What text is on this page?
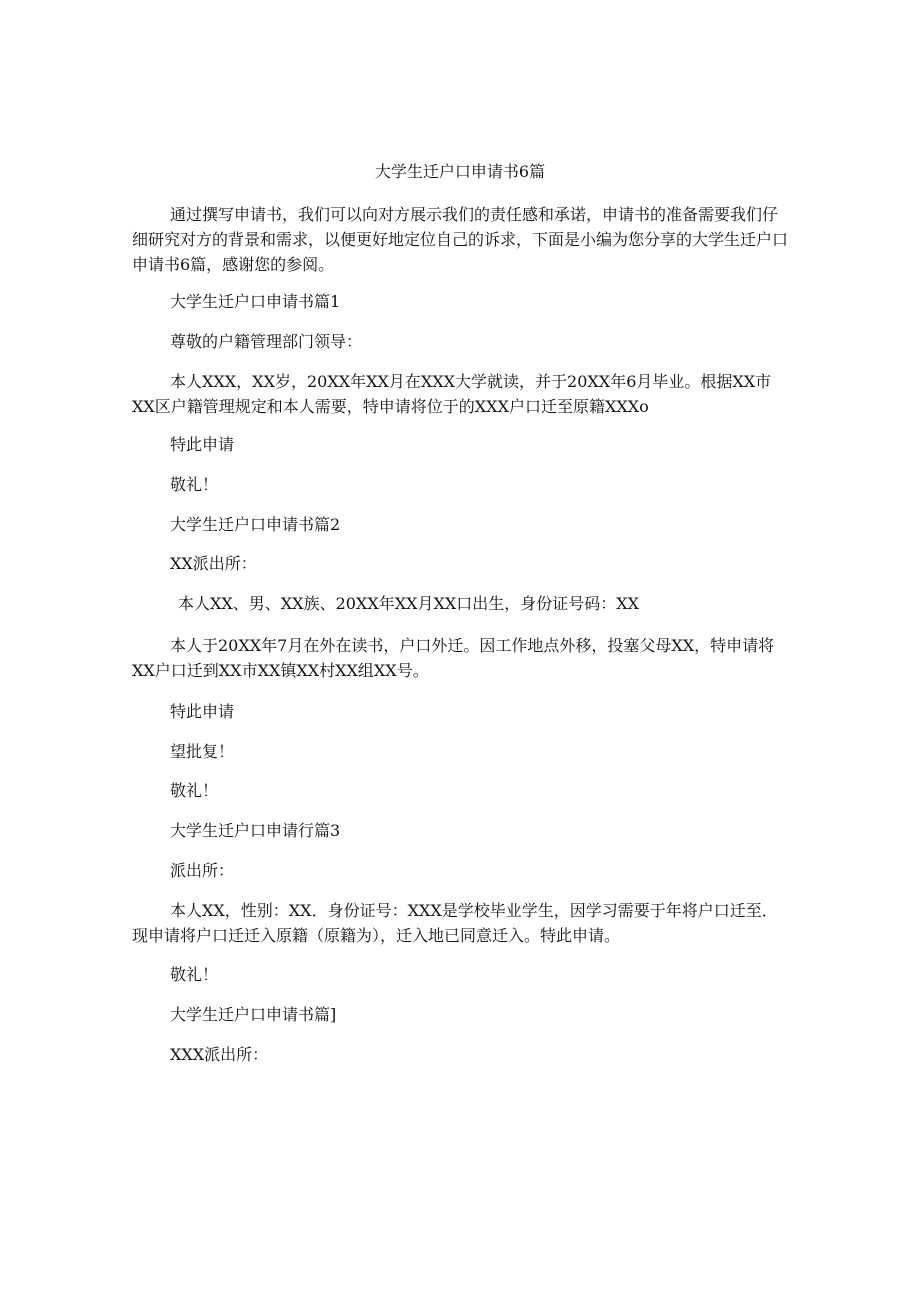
大学生迁户口申请书6篇
通过撰写申请书，我们可以向对方展示我们的责任感和承诺，申请书的准备需要我们仔细研究对方的背景和需求，以便更好地定位自己的诉求，下面是小编为您分享的大学生迁户口申请书6篇，感谢您的参阅。
大学生迁户口申请书篇1
尊敬的户籍管理部门领导：
本人XXX，XX岁，20XX年XX月在XXX大学就读，并于20XX年6月毕业。根据XX市XX区户籍管理规定和本人需要，特申请将位于的XXX户口迁至原籍XXXo
特此申请
敬礼！
大学生迁户口申请书篇2
XX派出所：
本人XX、男、XX族、20XX年XX月XX口出生，身份证号码：XX
本人于20XX年7月在外在读书，户口外迁。因工作地点外移，投塞父母XX，特申请将XX户口迁到XX市XX镇XX村XX组XX号。
特此申请
望批复！
敬礼！
大学生迁户口申请行篇3
派出所：
本人XX，性别：XX．身份证号：XXX是学校毕业学生，因学习需要于年将户口迁至．现申请将户口迁迁入原籍（原籍为），迁入地已同意迁入。特此申请。
敬礼！
大学生迁户口申请书篇]
XXX派出所：
